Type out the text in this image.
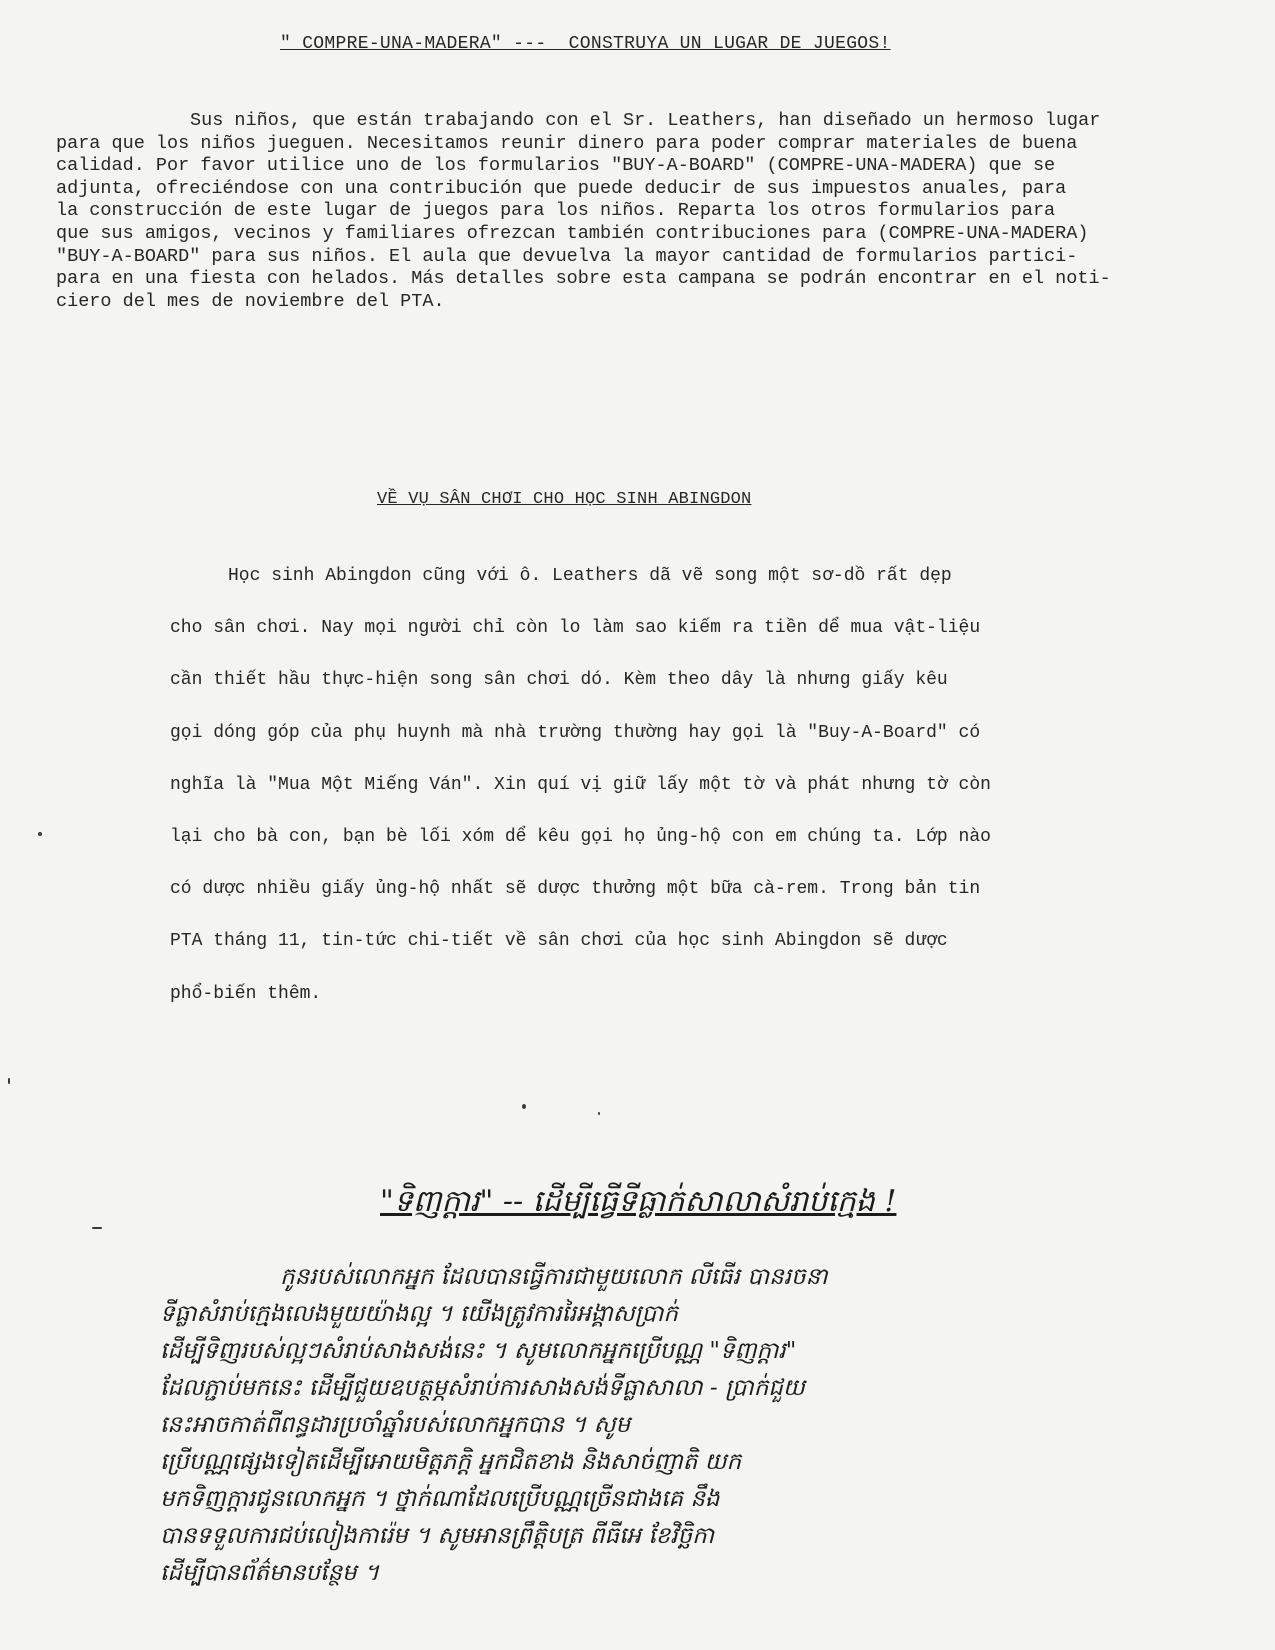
" COMPRE-UNA-MADERA" ---  CONSTRUYA UN LUGAR DE JUEGOS!
Sus niños, que están trabajando con el Sr. Leathers, han diseñado un hermoso lugar
para que los niños jueguen. Necesitamos reunir dinero para poder comprar materiales de buena
calidad. Por favor utilice uno de los formularios "BUY-A-BOARD" (COMPRE-UNA-MADERA) que se
adjunta, ofreciéndose con una contribución que puede deducir de sus impuestos anuales, para
la construcción de este lugar de juegos para los niños. Reparta los otros formularios para
que sus amigos, vecinos y familiares ofrezcan también contribuciones para (COMPRE-UNA-MADERA)
"BUY-A-BOARD" para sus niños. El aula que devuelva la mayor cantidad de formularios partici-
para en una fiesta con helados. Más detalles sobre esta campana se podrán encontrar en el noti-
ciero del mes de noviembre del PTA.
VỀ VỤ SÂN CHƠI CHO HỌC SINH ABINGDON
Học sinh Abingdon cũng với ô. Leathers dã vẽ song một sơ-dồ rất dẹp
cho sân chơi. Nay mọi người chỉ còn lo làm sao kiếm ra tiền dể mua vật-liệu
cần thiết hầu thực-hiện song sân chơi dó. Kèm theo dây là nhưng giấy kêu
gọi dóng góp của phụ huynh mà nhà trường thường hay gọi là "Buy-A-Board" có
nghĩa là "Mua Một Miếng Ván". Xin quí vị giữ lấy một tờ và phát nhưng tờ còn
lại cho bà con, bạn bè lối xóm dể kêu gọi họ ủng-hộ con em chúng ta. Lớp nào
có dược nhiều giấy ủng-hộ nhất sẽ dược thưởng một bữa cà-rem. Trong bản tin
PTA tháng 11, tin-tức chi-tiết về sân chơi của học sinh Abingdon sẽ dược
phổ-biến thêm.
"ទិញក្តារ" -- ដើម្បីធ្វើទីធ្លាក់សាលាសំរាប់ក្មេង !
កូនរបស់លោកអ្នក ដែលបានធ្វើការជាមួយលោក លីធើរ បានរចនា
ទីធ្លាសំរាប់ក្មេងលេងមួយយ៉ាងល្អ ។ យើងត្រូវការរៃអង្គាសប្រាក់
ដើម្បីទិញរបស់ល្អៗសំរាប់សាងសង់នេះ ។ សូមលោកអ្នកប្រើបណ្ណ "ទិញក្តារ"
ដែលភ្ជាប់មកនេះ ដើម្បីជួយឧបត្ថម្ភសំរាប់ការសាងសង់ទីធ្លាសាលា - ប្រាក់ជួយ
នេះអាចកាត់ពីពន្ធដារប្រចាំឆ្នាំរបស់លោកអ្នកបាន ។ សូម
ប្រើបណ្ណផ្សេងទៀតដើម្បីអោយមិត្តភក្តិ អ្នកជិតខាង និងសាច់ញាតិ យក
មកទិញក្តារជូនលោកអ្នក ។ ថ្នាក់ណាដែលប្រើបណ្ណច្រើនជាងគេ នឹង
បានទទួលការជប់លៀងការ៉េម ។ សូមអានព្រឹត្តិបត្រ ពីធីអេ ខែវិច្ឆិកា
ដើម្បីបានព័ត៌មានបន្ថែម ។
